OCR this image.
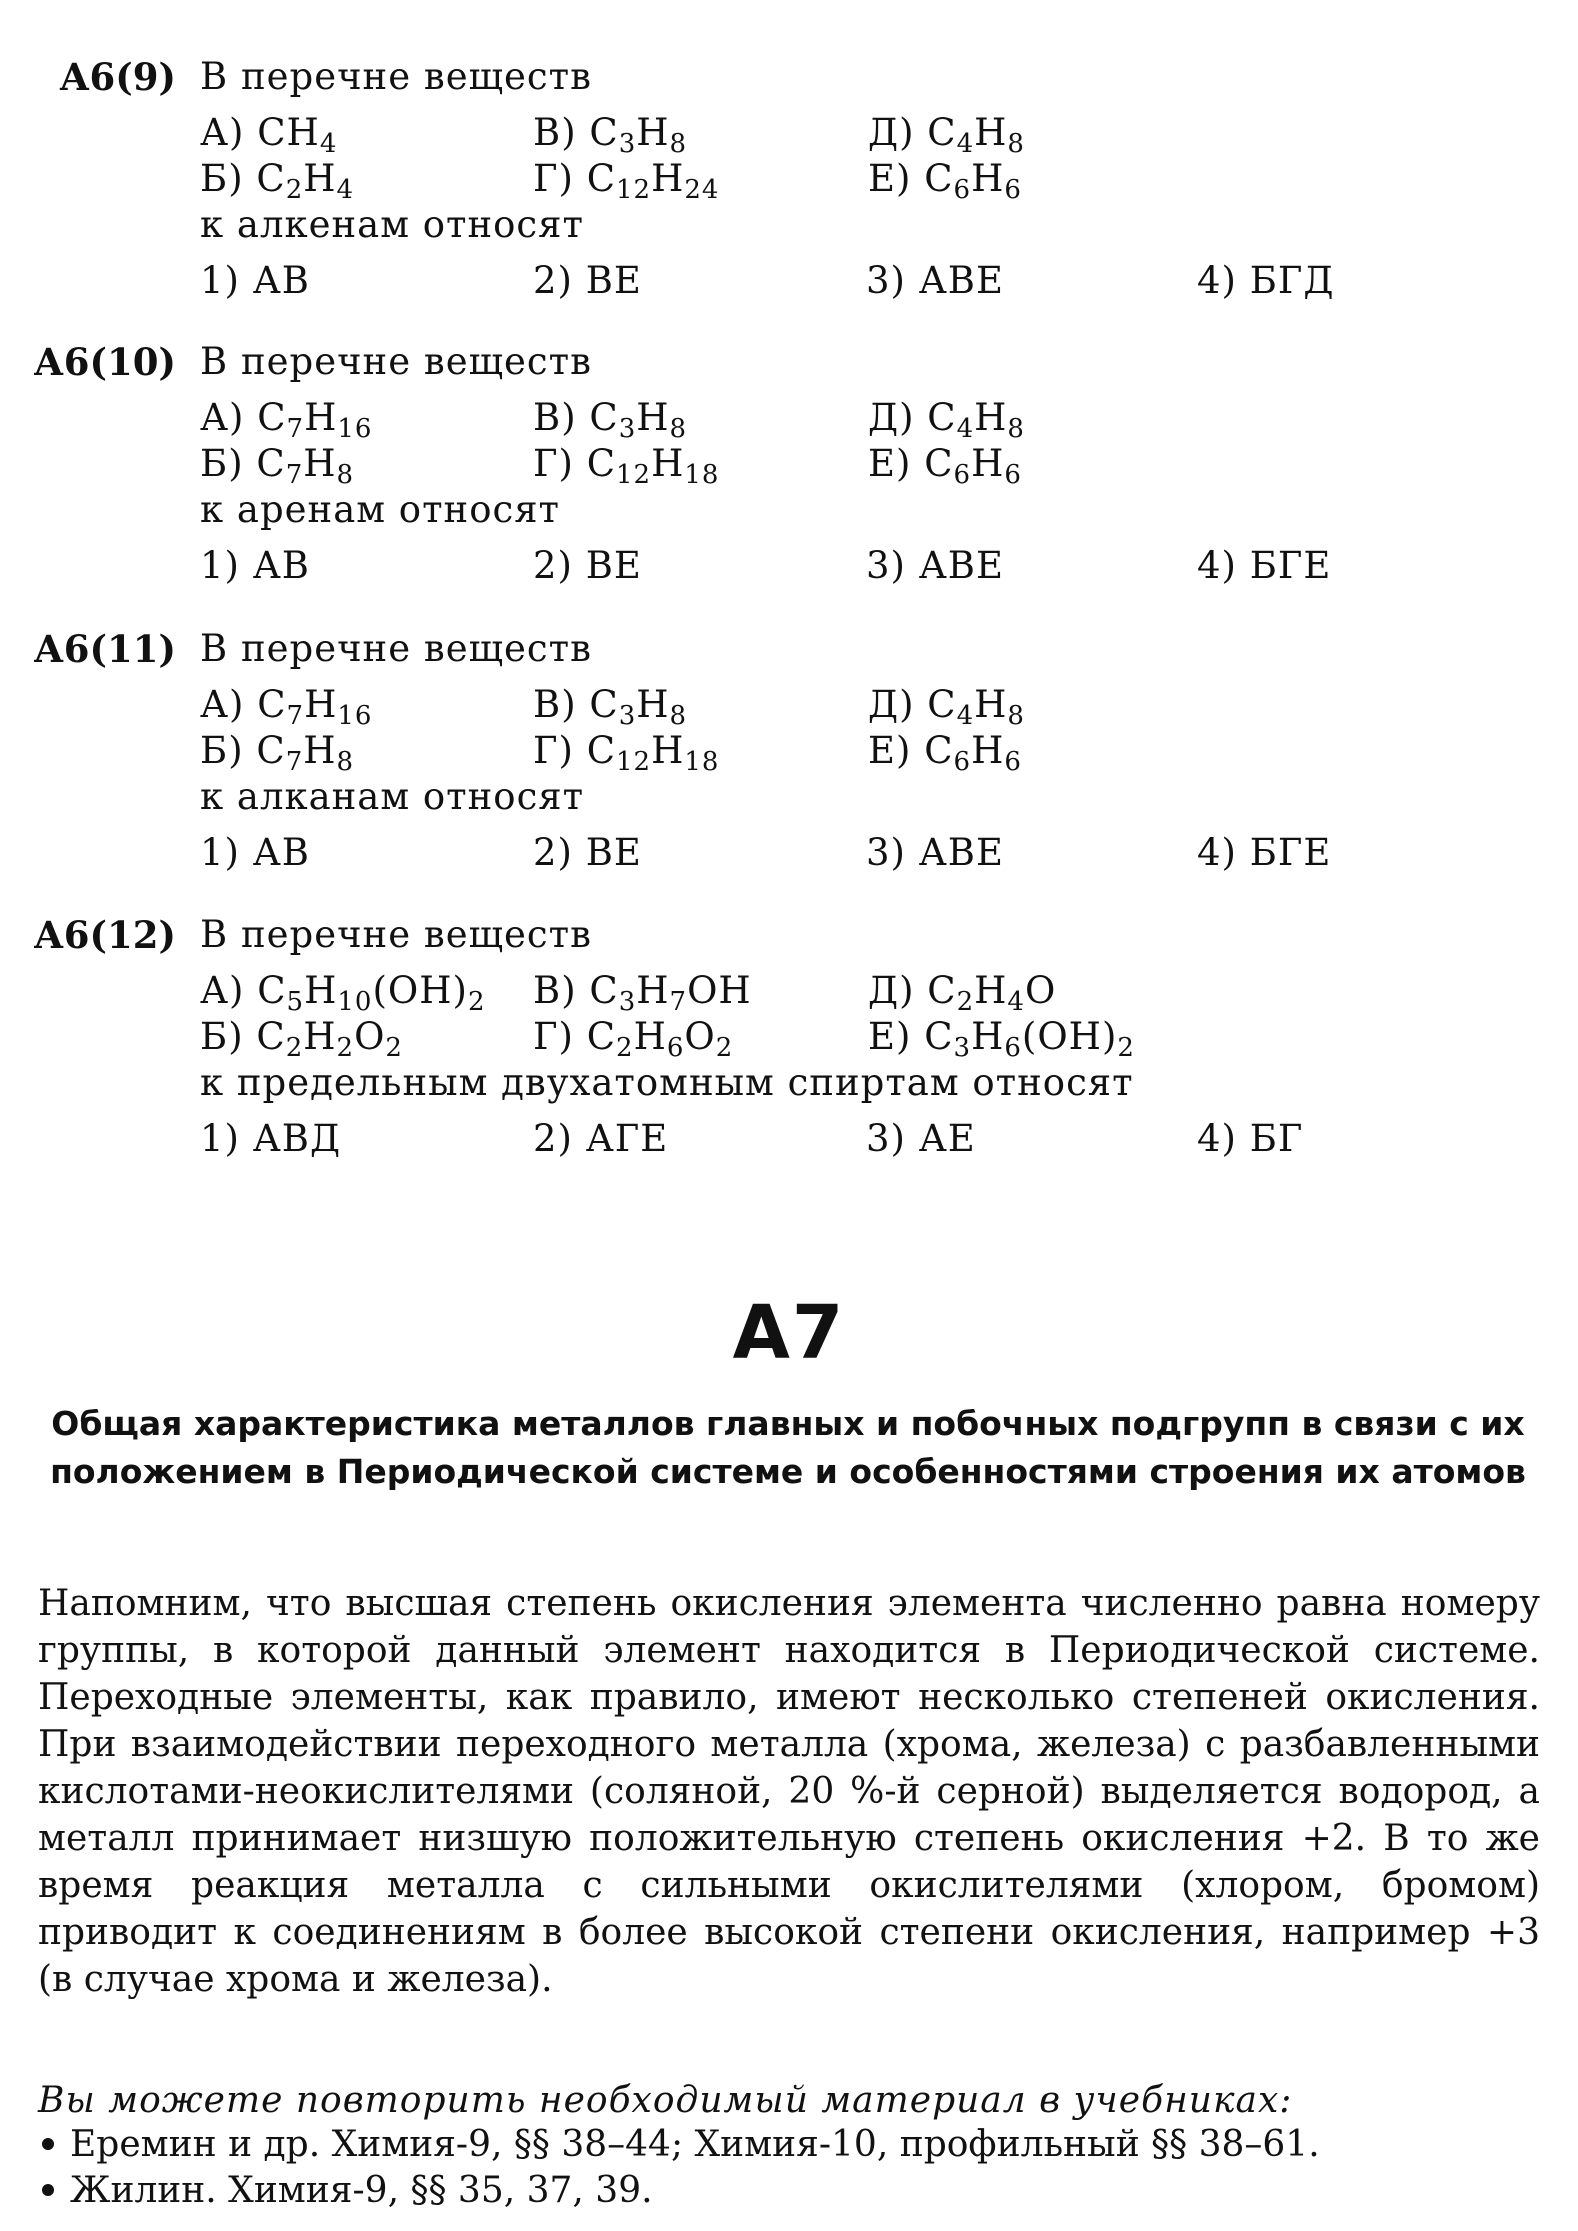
А6(9) В перечне веществ
А) $CH_4$	В) $C_3H_8$	Д) $C_4H_8$
Б) $C_2H_4$	Г) $C_{12}H_{24}$	Е) $C_6H_6$
к алкенам относят
1) АВ	2) ВЕ	3) АВЕ	4) БГД
А6(10) В перечне веществ
А) $C_7H_{16}$	В) $C_3H_8$	Д) $C_4H_8$
Б) $C_7H_8$	Г) $C_{12}H_{18}$	Е) $C_6H_6$
к аренам относят
1) АВ	2) ВЕ	3) АВЕ	4) БГЕ
А6(11) В перечне веществ
А) $C_7H_{16}$	В) $C_3H_8$	Д) $C_4H_8$
Б) $C_7H_8$	Г) $C_{12}H_{18}$	Е) $C_6H_6$
к алканам относят
1) АВ	2) ВЕ	3) АВЕ	4) БГЕ
А6(12) В перечне веществ
А) $C_5H_{10}(OH)_2$ В) $C_3H_7OH$	Д) $C_2H_4O$
Б) $C_2H_2O_2$	Г) $C_2H_6O_2$	Е) $C_3H_6(OH)_2$
к предельным двухатомным спиртам относят
1) АВД	2) АГЕ	3) АЕ	4) БГ
А7
Общая характеристика металлов главных и побочных подгрупп в связи с их положением в Периодической системе и особенностями строения их атомов
Напомним, что высшая степень окисления элемента численно равна номеру группы, в которой данный элемент находится в Периодической системе. Переходные элементы, как правило, имеют несколько степеней окисления. При взаимодействии переходного металла (хрома, железа) с разбавленными кислотами-неокислителями (соляной, 20 %-й серной) выделяется водород, а металл принимает низшую положительную степень окисления +2. В то же время реакция металла с сильными окислителями (хлором, бромом) приводит к соединениям в более высокой степени окисления, например +3 (в случае хрома и железа).
Вы можете повторить необходимый материал в учебниках:
Еремин и др. Химия-9, §§ 38–44; Химия-10, профильный §§ 38–61.
Жилин. Химия-9, §§ 35, 37, 39.
